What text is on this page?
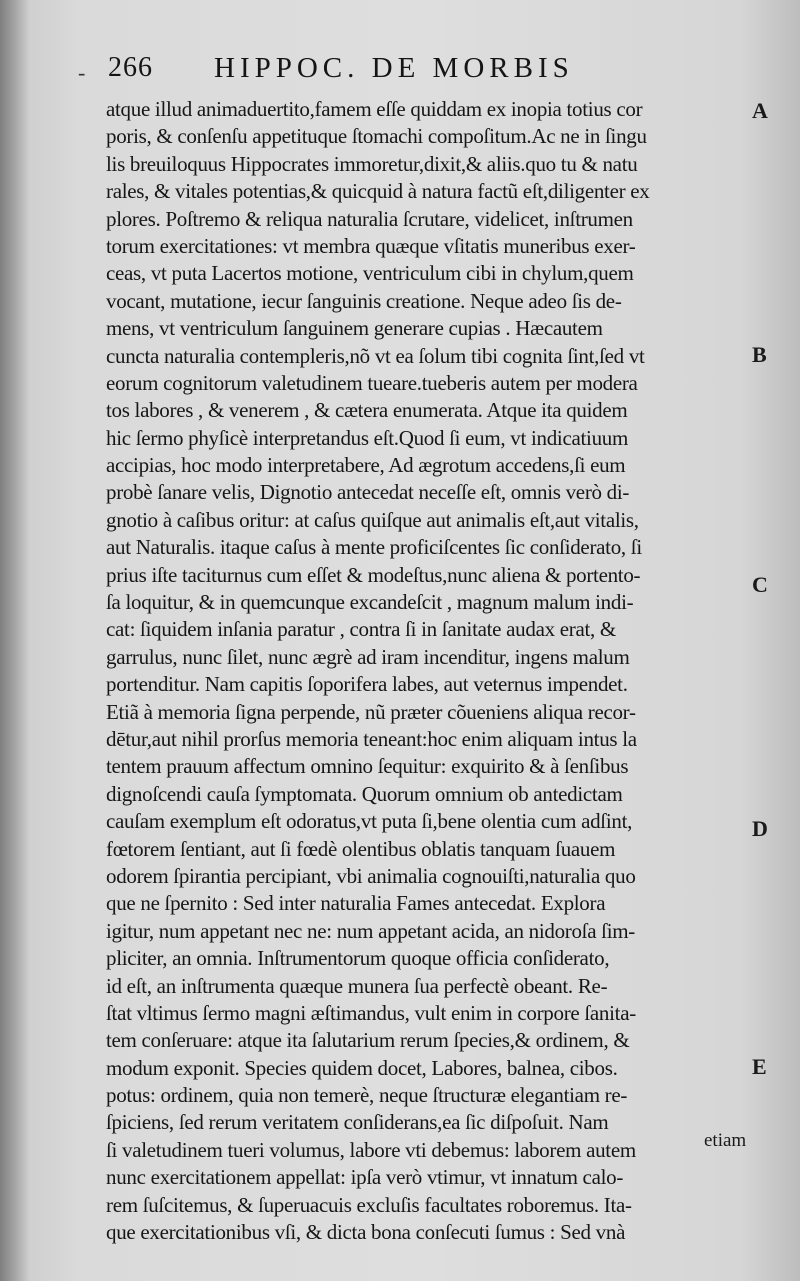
- 266 HIPPOC. DE MORBIS
atque illud animaduertito,famem eſſe quiddam ex inopia totius cor
poris, & conſenſu appetituque ſtomachi compoſitum.Ac ne in ſingu
lis breuiloquus Hippocrates immoretur,dixit,& aliis.quo tu & natu
rales, & vitales potentias,& quicquid à natura factũ eſt,diligenter ex
plores. Poſtremo & reliqua naturalia ſcrutare, videlicet, inſtrumen
torum exercitationes: vt membra quæque vſitatis muneribus exer-
ceas, vt puta Lacertos motione, ventriculum cibi in chylum,quem
vocant, mutatione, iecur ſanguinis creatione. Neque adeo ſis de-
mens, vt ventriculum ſanguinem generare cupias . Hæcautem
cuncta naturalia contempleris,nõ vt ea ſolum tibi cognita ſint,ſed vt
eorum cognitorum valetudinem tueare.tueberis autem per modera
tos labores , & venerem , & cætera enumerata. Atque ita quidem
hic ſermo phyſicè interpretandus eſt.Quod ſi eum, vt indicatiuum
accipias, hoc modo interpretabere, Ad ægrotum accedens,ſi eum
probè ſanare velis, Dignotio antecedat neceſſe eſt, omnis verò di-
gnotio à caſibus oritur: at caſus quiſque aut animalis eſt,aut vitalis,
aut Naturalis. itaque caſus à mente proficiſcentes ſic conſiderato, ſi
prius iſte taciturnus cum eſſet & modeſtus,nunc aliena & portento-
ſa loquitur, & in quemcunque excandeſcit , magnum malum indi-
cat: ſiquidem inſania paratur , contra ſi in ſanitate audax erat, &
garrulus, nunc ſilet, nunc ægrè ad iram incenditur, ingens malum
portenditur. Nam capitis ſoporifera labes, aut veternus impendet.
Etiã à memoria ſigna perpende, nũ præter cõueniens aliqua recor-
dētur,aut nihil prorſus memoria teneant:hoc enim aliquam intus la
tentem prauum affectum omnino ſequitur: exquirito & à ſenſibus
dignoſcendi cauſa ſymptomata. Quorum omnium ob antedictam
cauſam exemplum eſt odoratus,vt puta ſi,bene olentia cum adſint,
fœtorem ſentiant, aut ſi fœdè olentibus oblatis tanquam ſuauem
odorem ſpirantia percipiant, vbi animalia cognouiſti,naturalia quo
que ne ſpernito : Sed inter naturalia Fames antecedat. Explora
igitur, num appetant nec ne: num appetant acida, an nidoroſa ſim-
pliciter, an omnia. Inſtrumentorum quoque officia conſiderato,
id eſt, an inſtrumenta quæque munera ſua perfectè obeant. Re-
ſtat vltimus ſermo magni æſtimandus, vult enim in corpore ſanita-
tem conſeruare: atque ita ſalutarium rerum ſpecies,& ordinem, &
modum exponit. Species quidem docet, Labores, balnea, cibos.
potus: ordinem, quia non temerè, neque ſtructuræ elegantiam re-
ſpiciens, ſed rerum veritatem conſiderans,ea ſic diſpoſuit. Nam
ſi valetudinem tueri volumus, labore vti debemus: laborem autem
nunc exercitationem appellat: ipſa verò vtimur, vt innatum calo-
rem ſuſcitemus, & ſuperuacuis excluſis facultates roboremus. Ita-
que exercitationibus vſi, & dicta bona conſecuti ſumus : Sed vnà
A
B
C
D
E
etiam
